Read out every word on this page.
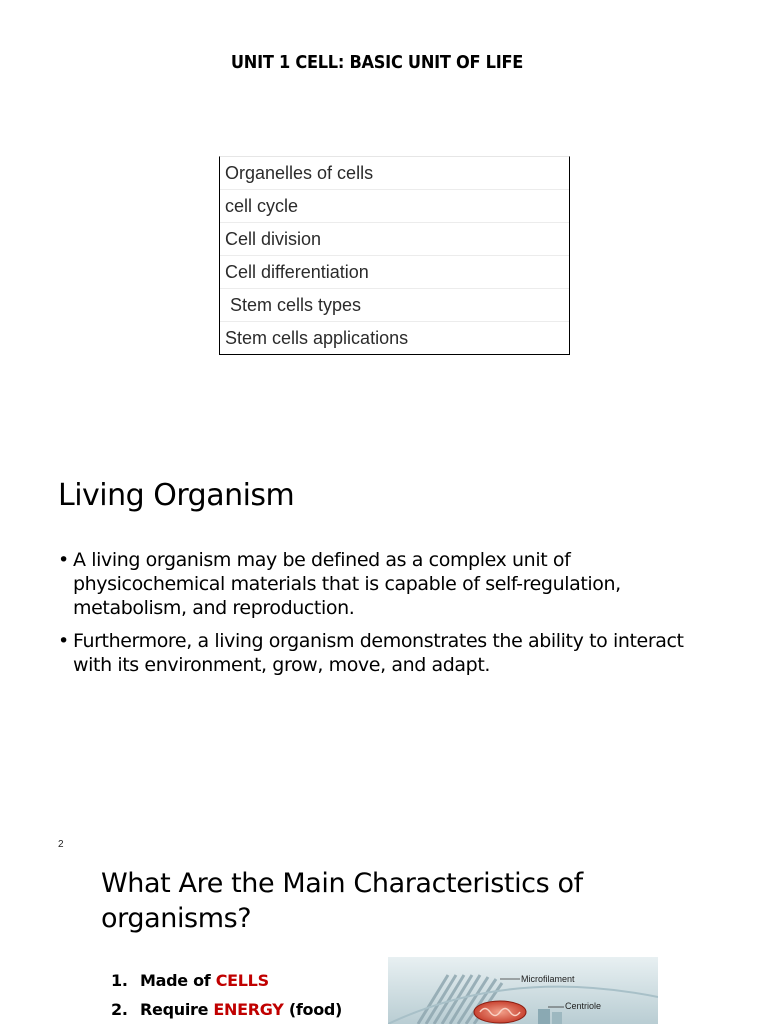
UNIT 1 CELL: BASIC UNIT OF LIFE
Organelles of cells
cell cycle
Cell division
Cell differentiation
Stem cells types
Stem cells applications
Living Organism
• A living organism may be defined as a complex unit of physicochemical materials that is capable of self-regulation, metabolism, and reproduction.
• Furthermore, a living organism demonstrates the ability to interact with its environment, grow, move, and adapt.
2
What Are the Main Characteristics of organisms?
1. Made of CELLS
2. Require ENERGY (food)
Microfilament
Centriole
